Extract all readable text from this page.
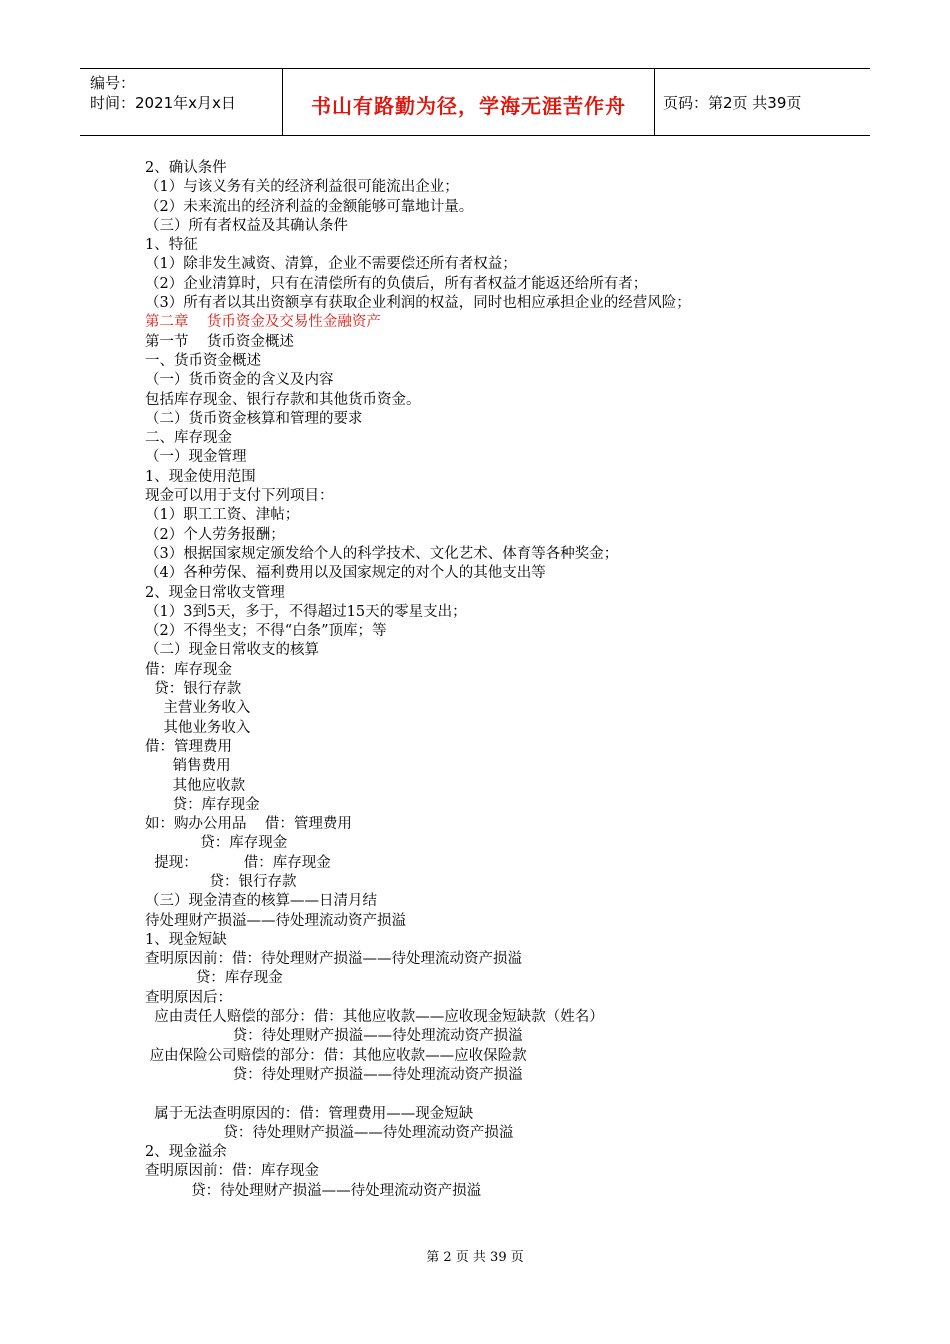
编号：
时间：2021年x月x日	书山有路勤为径，学海无涯苦作舟 页码：第2页 共39页
2、确认条件
（1）与该义务有关的经济利益很可能流出企业；
（2）未来流出的经济利益的金额能够可靠地计量。
（三）所有者权益及其确认条件
1、特征
（1）除非发生减资、清算，企业不需要偿还所有者权益；
（2）企业清算时，只有在清偿所有的负债后，所有者权益才能返还给所有者；
（3）所有者以其出资额享有获取企业利润的权益，同时也相应承担企业的经营风险；
第二章    货币资金及交易性金融资产
第一节    货币资金概述
一、货币资金概述
（一）货币资金的含义及内容
包括库存现金、银行存款和其他货币资金。
（二）货币资金核算和管理的要求
二、库存现金
（一）现金管理
1、现金使用范围
现金可以用于支付下列项目：
（1）职工工资、津帖；
（2）个人劳务报酬；
（3）根据国家规定颁发给个人的科学技术、文化艺术、体育等各种奖金；
（4）各种劳保、福利费用以及国家规定的对个人的其他支出等
2、现金日常收支管理
（1）3到5天，多于，不得超过15天的零星支出；
（2）不得坐支；不得“白条”顶库；等
（二）现金日常收支的核算
借：库存现金
贷：银行存款
主营业务收入
其他业务收入
借：管理费用
销售费用
其他应收款
贷：库存现金
如：购办公用品    借：管理费用
贷：库存现金
提现：          借：库存现金
贷：银行存款
（三）现金清查的核算——日清月结
待处理财产损溢——待处理流动资产损溢
1、现金短缺
查明原因前：借：待处理财产损溢——待处理流动资产损溢
贷：库存现金
查明原因后：
应由责任人赔偿的部分：借：其他应收款——应收现金短缺款（姓名）
贷：待处理财产损溢——待处理流动资产损溢
应由保险公司赔偿的部分：借：其他应收款——应收保险款
贷：待处理财产损溢——待处理流动资产损溢
属于无法查明原因的：借：管理费用——现金短缺
贷：待处理财产损溢——待处理流动资产损溢
2、现金溢余
查明原因前：借：库存现金
贷：待处理财产损溢——待处理流动资产损溢
第 2 页 共 39 页
